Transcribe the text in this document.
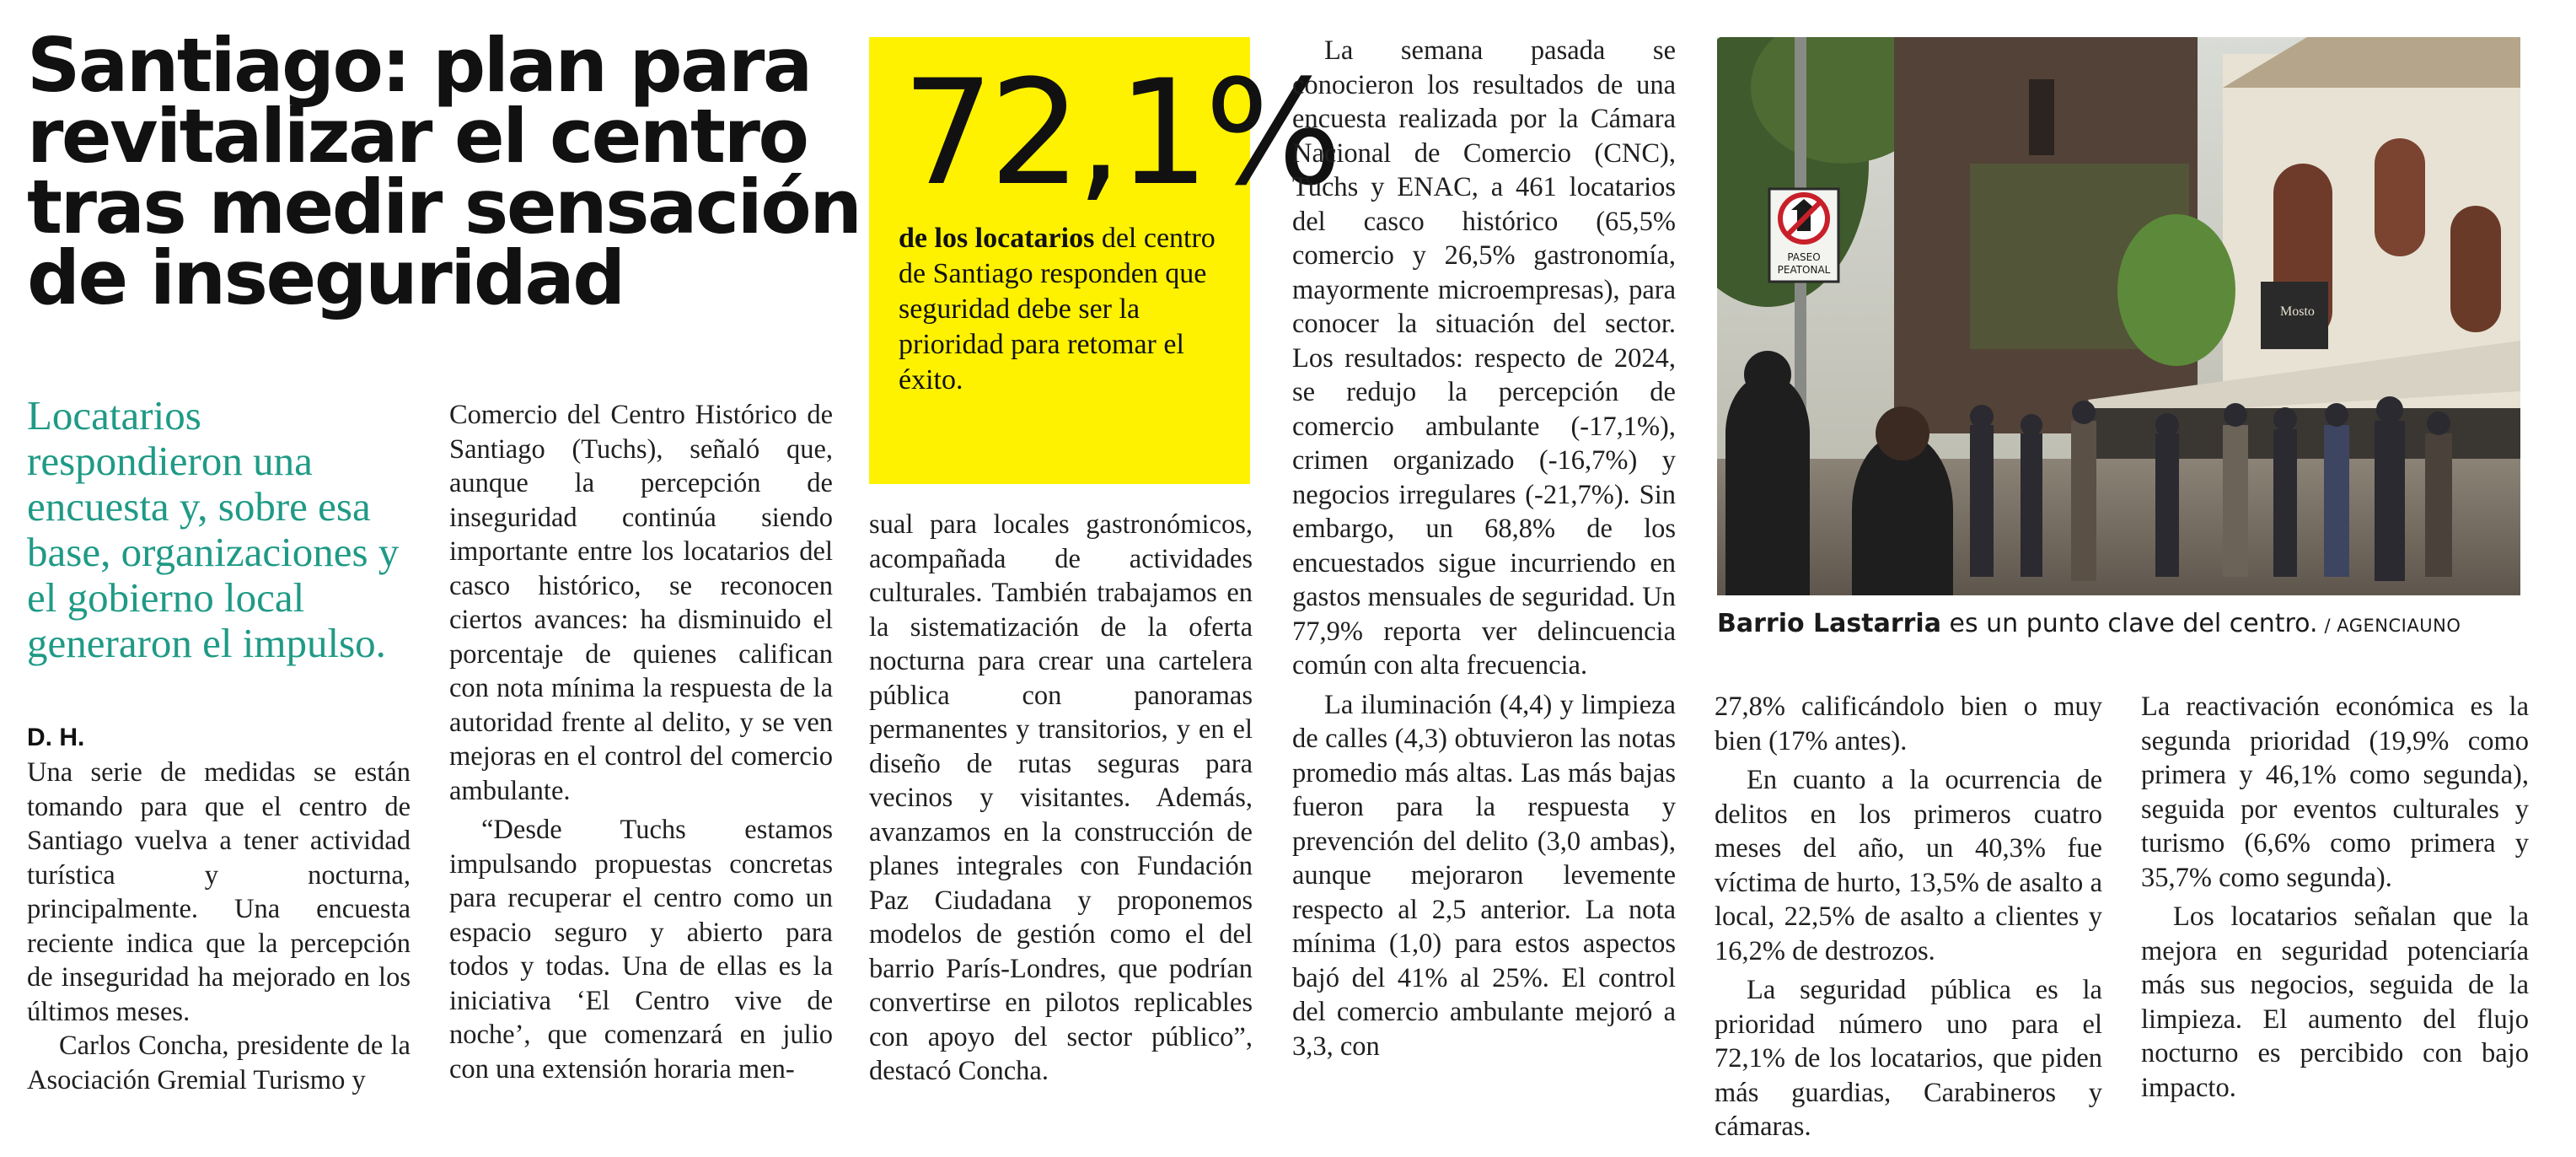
Santiago: plan para revitalizar el centro tras medir sensación de inseguridad

Locatarios respondieron una encuesta y, sobre esa base, organizaciones y el gobierno local generaron el impulso.

D. H.

Una serie de medidas se están tomando para que el centro de Santiago vuelva a tener actividad turística y nocturna, principalmente. Una encuesta reciente indica que la percepción de inseguridad ha mejorado en los últimos meses.

Carlos Concha, presidente de la Asociación Gremial Turismo y

Comercio del Centro Histórico de Santiago (Tuchs), señaló que, aunque la percepción de inseguridad continúa siendo importante entre los locatarios del casco histórico, se reconocen ciertos avances: ha disminuido el porcentaje de quienes califican con nota mínima la respuesta de la autoridad frente al delito, y se ven mejoras en el control del comercio ambulante.

“Desde Tuchs estamos impulsando propuestas concretas para recuperar el centro como un espacio seguro y abierto para todos y todas. Una de ellas es la iniciativa ‘El Centro vive de noche’, que comenzará en julio con una extensión horaria men-

72,1%

de los locatarios del centro de Santiago responden que seguridad debe ser la prioridad para retomar el éxito.

sual para locales gastronómicos, acompañada de actividades culturales. También trabajamos en la sistematización de la oferta nocturna para crear una cartelera pública con panoramas permanentes y transitorios, y en el diseño de rutas seguras para vecinos y visitantes. Además, avanzamos en la construcción de planes integrales con Fundación Paz Ciudadana y proponemos modelos de gestión como el del barrio París-Londres, que podrían convertirse en pilotos replicables con apoyo del sector público”, destacó Concha.

La semana pasada se conocieron los resultados de una encuesta realizada por la Cámara Nacional de Comercio (CNC), Tuchs y ENAC, a 461 locatarios del casco histórico (65,5% comercio y 26,5% gastronomía, mayormente microempresas), para conocer la situación del sector. Los resultados: respecto de 2024, se redujo la percepción de comercio ambulante (-17,1%), crimen organizado (-16,7%) y negocios irregulares (-21,7%). Sin embargo, un 68,8% de los encuestados sigue incurriendo en gastos mensuales de seguridad. Un 77,9% reporta ver delincuencia común con alta frecuencia.

La iluminación (4,4) y limpieza de calles (4,3) obtuvieron las notas promedio más altas. Las más bajas fueron para la respuesta y prevención del delito (3,0 ambas), aunque mejoraron levemente respecto al 2,5 anterior. La nota mínima (1,0) para estos aspectos bajó del 41% al 25%. El control del comercio ambulante mejoró a 3,3, con

Mosto
PASEO
PEATONAL
Barrio Lastarria es un punto clave del centro. / AGENCIAUNO

27,8% calificándolo bien o muy bien (17% antes).

En cuanto a la ocurrencia de delitos en los primeros cuatro meses del año, un 40,3% fue víctima de hurto, 13,5% de asalto a local, 22,5% de asalto a clientes y 16,2% de destrozos.

La seguridad pública es la prioridad número uno para el 72,1% de los locatarios, que piden más guardias, Carabineros y cámaras.

La reactivación económica es la segunda prioridad (19,9% como primera y 46,1% como segunda), seguida por eventos culturales y turismo (6,6% como primera y 35,7% como segunda).

Los locatarios señalan que la mejora en seguridad potenciaría más sus negocios, seguida de la limpieza. El aumento del flujo nocturno es percibido con bajo impacto.
